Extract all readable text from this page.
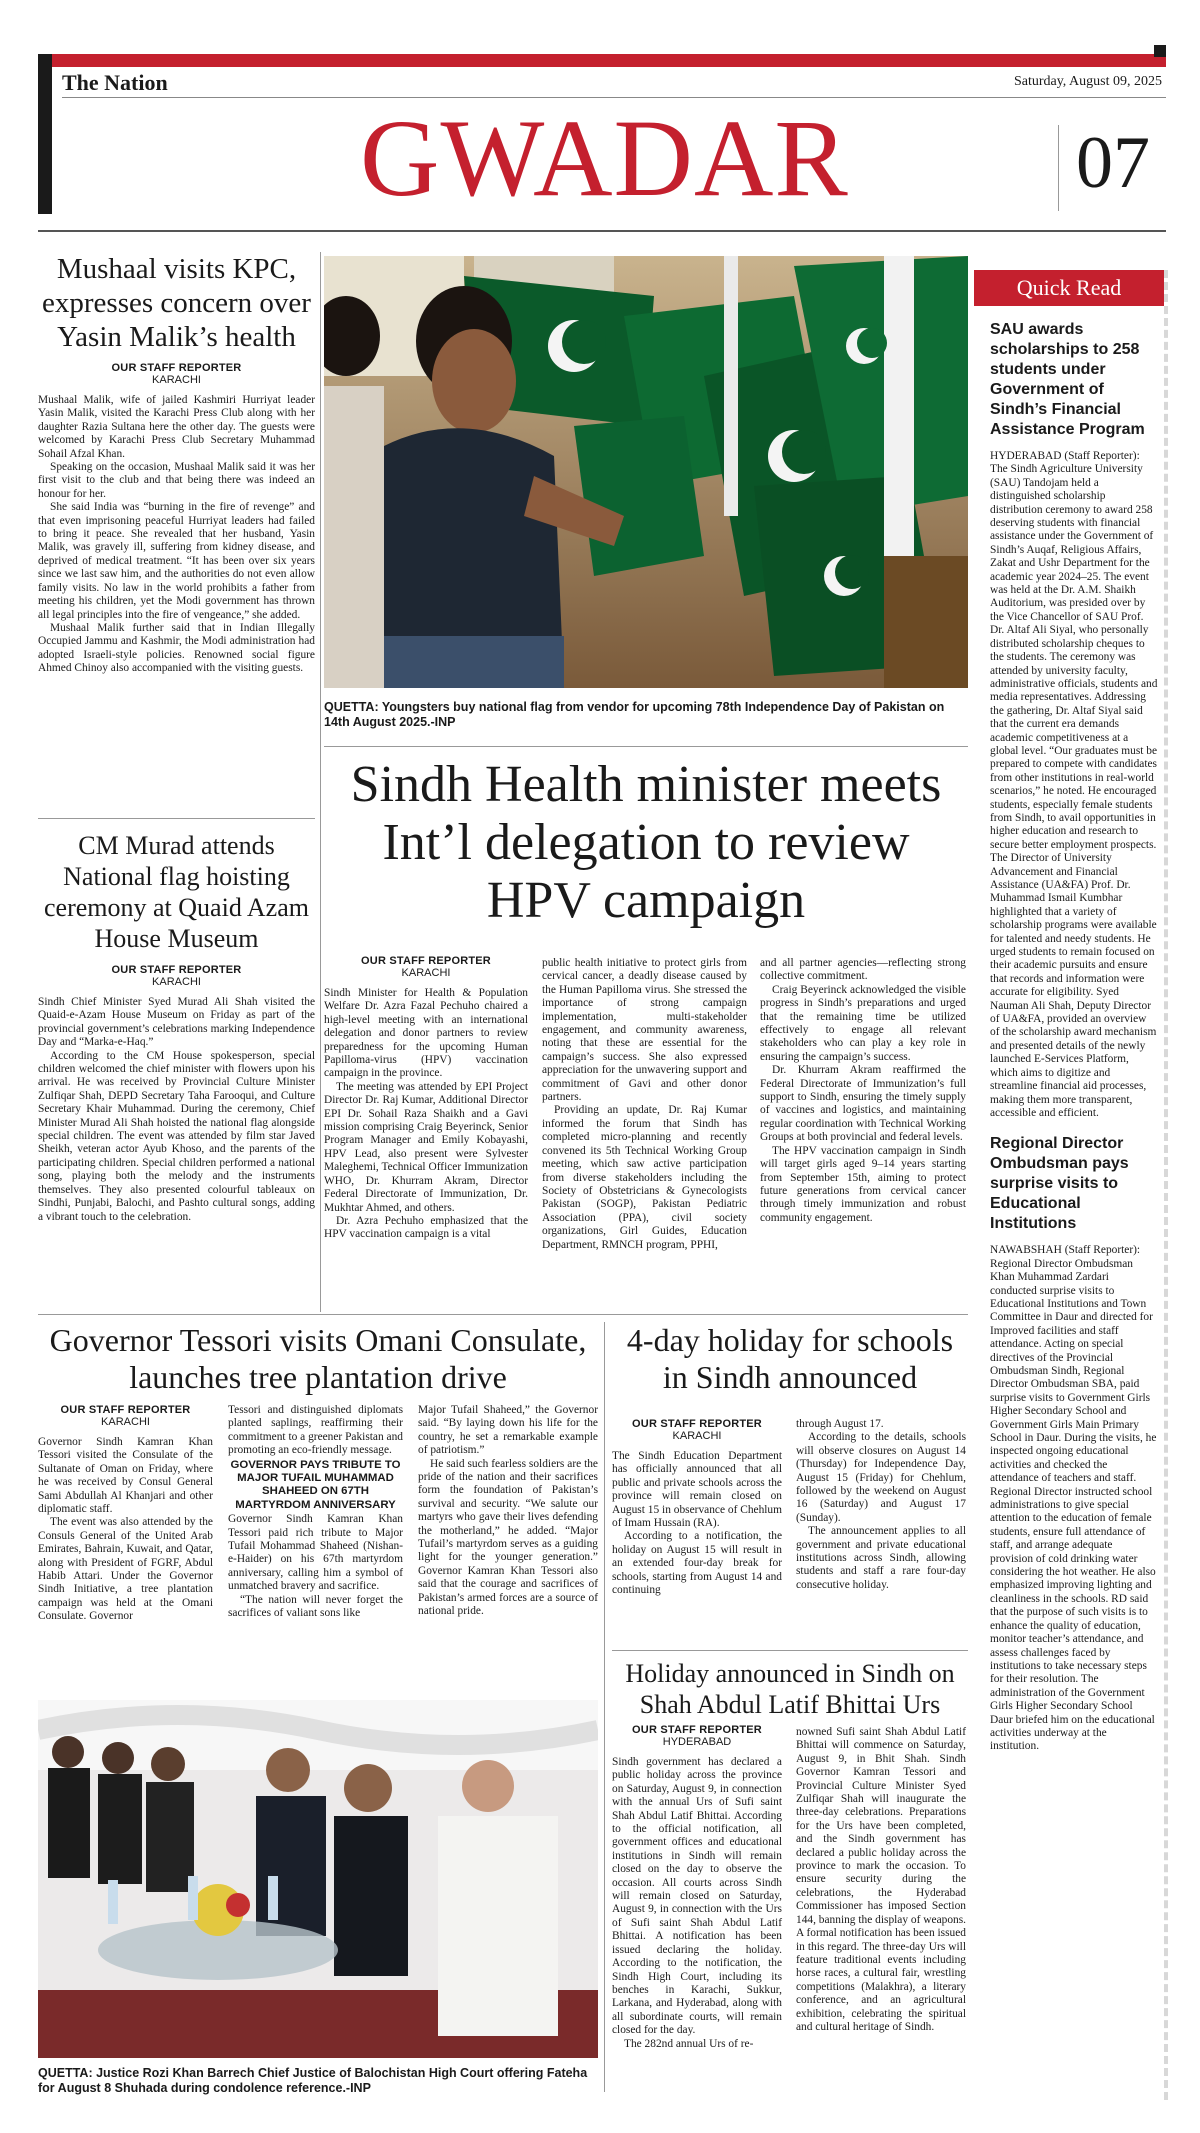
The Nation	Saturday, August 09, 2025
GWADAR	07
Mushaal visits KPC, expresses concern over Yasin Malik’s health
OUR STAFF REPORTER
KARACHI

Mushaal Malik, wife of jailed Kashmiri Hurriyat leader Yasin Malik, visited the Karachi Press Club along with her daughter Razia Sultana here the other day. The guests were welcomed by Karachi Press Club Secretary Muhammad Sohail Afzal Khan.

Speaking on the occasion, Mushaal Malik said it was her first visit to the club and that being there was indeed an honour for her.

She said India was “burning in the fire of revenge” and that even imprisoning peaceful Hurriyat leaders had failed to bring it peace. She revealed that her husband, Yasin Malik, was gravely ill, suffering from kidney disease, and deprived of medical treatment. “It has been over six years since we last saw him, and the authorities do not even allow family visits. No law in the world prohibits a father from meeting his children, yet the Modi government has thrown all legal principles into the fire of vengeance,” she added.

Mushaal Malik further said that in Indian Illegally Occupied Jammu and Kashmir, the Modi administration had adopted Israeli-style policies. Renowned social figure Ahmed Chinoy also accompanied with the visiting guests.

CM Murad attends National flag hoisting ceremony at Quaid Azam House Museum
OUR STAFF REPORTER
KARACHI

Sindh Chief Minister Syed Murad Ali Shah visited the Quaid-e-Azam House Museum on Friday as part of the provincial government’s celebrations marking Independence Day and “Marka-e-Haq.”

According to the CM House spokesperson, special children welcomed the chief minister with flowers upon his arrival. He was received by Provincial Culture Minister Zulfiqar Shah, DEPD Secretary Taha Farooqui, and Culture Secretary Khair Muhammad. During the ceremony, Chief Minister Murad Ali Shah hoisted the national flag alongside special children. The event was attended by film star Javed Sheikh, veteran actor Ayub Khoso, and the parents of the participating children. Special children performed a national song, playing both the melody and the instruments themselves. They also presented colourful tableaux on Sindhi, Punjabi, Balochi, and Pashto cultural songs, adding a vibrant touch to the celebration.

QUETTA: Youngsters buy national flag from vendor for upcoming 78th Independence Day of Pakistan on 14th August 2025.-INP
Sindh Health minister meets Int’l delegation to review HPV campaign
OUR STAFF REPORTER
KARACHI

Sindh Minister for Health & Population Welfare Dr. Azra Fazal Pechuho chaired a high-level meeting with an international delegation and donor partners to review preparedness for the upcoming Human Papilloma-virus (HPV) vaccination campaign in the province.

The meeting was attended by EPI Project Director Dr. Raj Kumar, Additional Director EPI Dr. Sohail Raza Shaikh and a Gavi mission comprising Craig Beyerinck, Senior Program Manager and Emily Kobayashi, HPV Lead, also present were Sylvester Maleghemi, Technical Officer Immunization WHO, Dr. Khurram Akram, Director Federal Directorate of Immunization, Dr. Mukhtar Ahmed, and others.

Dr. Azra Pechuho emphasized that the HPV vaccination campaign is a vital

public health initiative to protect girls from cervical cancer, a deadly disease caused by the Human Papilloma virus. She stressed the importance of strong campaign implementation, multi-stakeholder engagement, and community awareness, noting that these are essential for the campaign’s success. She also expressed appreciation for the unwavering support and commitment of Gavi and other donor partners.

Providing an update, Dr. Raj Kumar informed the forum that Sindh has completed micro-planning and recently convened its 5th Technical Working Group meeting, which saw active participation from diverse stakeholders including the Society of Obstetricians & Gynecologists Pakistan (SOGP), Pakistan Pediatric Association (PPA), civil society organizations, Girl Guides, Education Department, RMNCH program, PPHI,

and all partner agencies—reflecting strong collective commitment.

Craig Beyerinck acknowledged the visible progress in Sindh’s preparations and urged that the remaining time be utilized effectively to engage all relevant stakeholders who can play a key role in ensuring the campaign’s success.

Dr. Khurram Akram reaffirmed the Federal Directorate of Immunization’s full support to Sindh, ensuring the timely supply of vaccines and logistics, and maintaining regular coordination with Technical Working Groups at both provincial and federal levels.

The HPV vaccination campaign in Sindh will target girls aged 9–14 years starting from September 15th, aiming to protect future generations from cervical cancer through timely immunization and robust community engagement.

Quick Read
SAU awards scholarships to 258 students under Government of Sindh’s Financial Assistance Program

HYDERABAD (Staff Reporter): The Sindh Agriculture University (SAU) Tandojam held a distinguished scholarship distribution ceremony to award 258 deserving students with financial assistance under the Government of Sindh’s Auqaf, Religious Affairs, Zakat and Ushr Department for the academic year 2024–25. The event was held at the Dr. A.M. Shaikh Auditorium, was presided over by the Vice Chancellor of SAU Prof. Dr. Altaf Ali Siyal, who personally distributed scholarship cheques to the students. The ceremony was attended by university faculty, administrative officials, students and media representatives. Addressing the gathering, Dr. Altaf Siyal said that the current era demands academic competitiveness at a global level. “Our graduates must be prepared to compete with candidates from other institutions in real-world scenarios,” he noted. He encouraged students, especially female students from Sindh, to avail opportunities in higher education and research to secure better employment prospects. The Director of University Advancement and Financial Assistance (UA&FA) Prof. Dr. Muhammad Ismail Kumbhar highlighted that a variety of scholarship programs were available for talented and needy students. He urged students to remain focused on their academic pursuits and ensure that records and information were accurate for eligibility. Syed Nauman Ali Shah, Deputy Director of UA&FA, provided an overview of the scholarship award mechanism and presented details of the newly launched E-Services Platform, which aims to digitize and streamline financial aid processes, making them more transparent, accessible and efficient.

Regional Director Ombudsman pays surprise visits to Educational Institutions

NAWABSHAH (Staff Reporter): Regional Director Ombudsman Khan Muhammad Zardari conducted surprise visits to Educational Institutions and Town Committee in Daur and directed for Improved facilities and staff attendance. Acting on special directives of the Provincial Ombudsman Sindh, Regional Director Ombudsman SBA, paid surprise visits to Government Girls Higher Secondary School and Government Girls Main Primary School in Daur. During the visits, he inspected ongoing educational activities and checked the attendance of teachers and staff. Regional Director instructed school administrations to give special attention to the education of female students, ensure full attendance of staff, and arrange adequate provision of cold drinking water considering the hot weather. He also emphasized improving lighting and cleanliness in the schools. RD said that the purpose of such visits is to enhance the quality of education, monitor teacher’s attendance, and assess challenges faced by institutions to take necessary steps for their resolution. The administration of the Government Girls Higher Secondary School Daur briefed him on the educational activities underway at the institution.

Governor Tessori visits Omani Consulate, launches tree plantation drive
OUR STAFF REPORTER
KARACHI

Governor Sindh Kamran Khan Tessori visited the Consulate of the Sultanate of Oman on Friday, where he was received by Consul General Sami Abdullah Al Khanjari and other diplomatic staff.

The event was also attended by the Consuls General of the United Arab Emirates, Bahrain, Kuwait, and Qatar, along with President of FGRF, Abdul Habib Attari. Under the Governor Sindh Initiative, a tree plantation campaign was held at the Omani Consulate. Governor

Tessori and distinguished diplomats planted saplings, reaffirming their commitment to a greener Pakistan and promoting an eco-friendly message.

GOVERNOR PAYS TRIBUTE TO MAJOR TUFAIL MUHAMMAD SHAHEED ON 67TH MARTYRDOM ANNIVERSARY

Governor Sindh Kamran Khan Tessori paid rich tribute to Major Tufail Mohammad Shaheed (Nishan-e-Haider) on his 67th martyrdom anniversary, calling him a symbol of unmatched bravery and sacrifice.

“The nation will never forget the sacrifices of valiant sons like

Major Tufail Shaheed,” the Governor said. “By laying down his life for the country, he set a remarkable example of patriotism.”

He said such fearless soldiers are the pride of the nation and their sacrifices form the foundation of Pakistan’s survival and security. “We salute our martyrs who gave their lives defending the motherland,” he added. “Major Tufail’s martyrdom serves as a guiding light for the younger generation.” Governor Kamran Khan Tessori also said that the courage and sacrifices of Pakistan’s armed forces are a source of national pride.

4-day holiday for schools in Sindh announced
OUR STAFF REPORTER
KARACHI

The Sindh Education Department has officially announced that all public and private schools across the province will remain closed on August 15 in observance of Chehlum of Imam Hussain (RA).

According to a notification, the holiday on August 15 will result in an extended four-day break for schools, starting from August 14 and continuing

through August 17.

According to the details, schools will observe closures on August 14 (Thursday) for Independence Day, August 15 (Friday) for Chehlum, followed by the weekend on August 16 (Saturday) and August 17 (Sunday).

The announcement applies to all government and private educational institutions across Sindh, allowing students and staff a rare four-day consecutive holiday.

Holiday announced in Sindh on Shah Abdul Latif Bhittai Urs
OUR STAFF REPORTER
HYDERABAD

Sindh government has declared a public holiday across the province on Saturday, August 9, in connection with the annual Urs of Sufi saint Shah Abdul Latif Bhittai. According to the official notification, all government offices and educational institutions in Sindh will remain closed on the day to observe the occasion. All courts across Sindh will remain closed on Saturday, August 9, in connection with the Urs of Sufi saint Shah Abdul Latif Bhittai. A notification has been issued declaring the holiday. According to the notification, the Sindh High Court, including its benches in Karachi, Sukkur, Larkana, and Hyderabad, along with all subordinate courts, will remain closed for the day.

The 282nd annual Urs of re-

nowned Sufi saint Shah Abdul Latif Bhittai will commence on Saturday, August 9, in Bhit Shah. Sindh Governor Kamran Tessori and Provincial Culture Minister Syed Zulfiqar Shah will inaugurate the three-day celebrations. Preparations for the Urs have been completed, and the Sindh government has declared a public holiday across the province to mark the occasion. To ensure security during the celebrations, the Hyderabad Commissioner has imposed Section 144, banning the display of weapons. A formal notification has been issued in this regard. The three-day Urs will feature traditional events including horse races, a cultural fair, wrestling competitions (Malakhra), a literary conference, and an agricultural exhibition, celebrating the spiritual and cultural heritage of Sindh.

QUETTA: Justice Rozi Khan Barrech Chief Justice of Balochistan High Court offering Fateha for August 8 Shuhada during condolence reference.-INP
